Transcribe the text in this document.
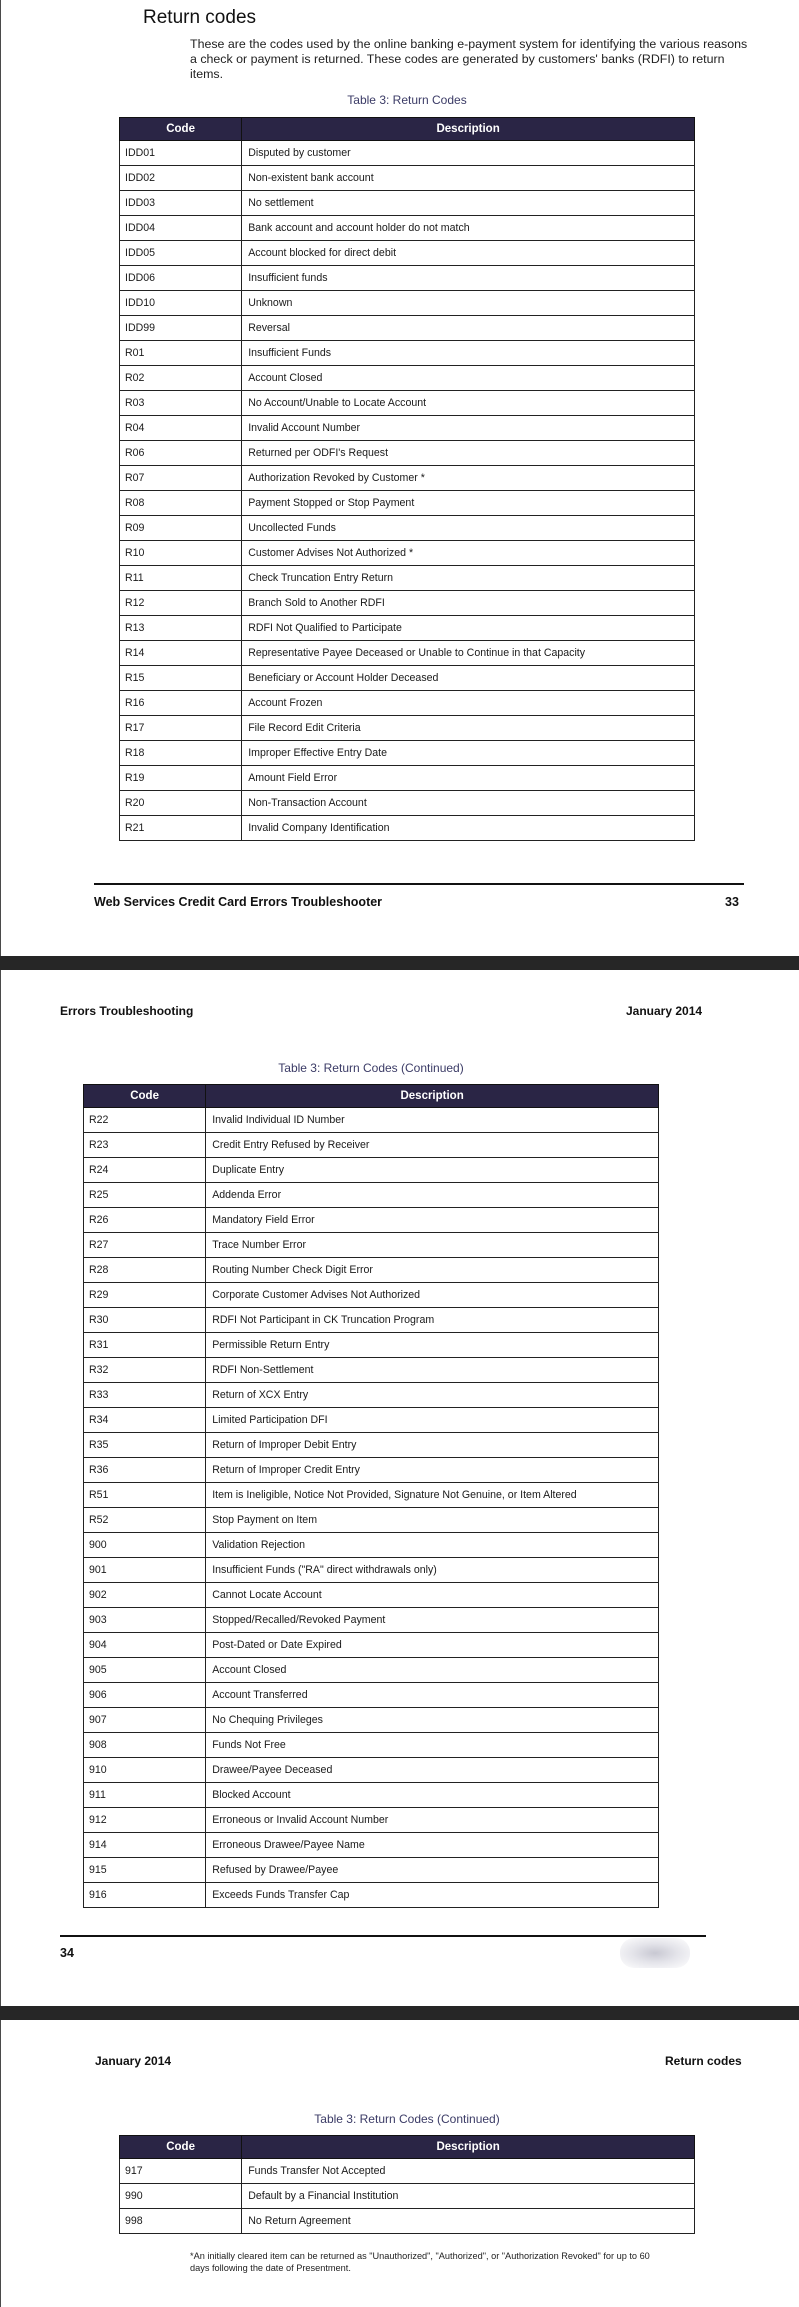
Return codes
These are the codes used by the online banking e-payment system for identifying the various reasons a check or payment is returned. These codes are generated by customers' banks (RDFI) to return items.
Table 3: Return Codes
Code	Description
IDD01	Disputed by customer
IDD02	Non-existent bank account
IDD03	No settlement
IDD04	Bank account and account holder do not match
IDD05	Account blocked for direct debit
IDD06	Insufficient funds
IDD10	Unknown
IDD99	Reversal
R01	Insufficient Funds
R02	Account Closed
R03	No Account/Unable to Locate Account
R04	Invalid Account Number
R06	Returned per ODFI's Request
R07	Authorization Revoked by Customer *
R08	Payment Stopped or Stop Payment
R09	Uncollected Funds
R10	Customer Advises Not Authorized *
R11	Check Truncation Entry Return
R12	Branch Sold to Another RDFI
R13	RDFI Not Qualified to Participate
R14	Representative Payee Deceased or Unable to Continue in that Capacity
R15	Beneficiary or Account Holder Deceased
R16	Account Frozen
R17	File Record Edit Criteria
R18	Improper Effective Entry Date
R19	Amount Field Error
R20	Non-Transaction Account
R21	Invalid Company Identification
Web Services Credit Card Errors Troubleshooter	33
Errors Troubleshooting	January 2014
Table 3: Return Codes (Continued)
Code	Description
R22	Invalid Individual ID Number
R23	Credit Entry Refused by Receiver
R24	Duplicate Entry
R25	Addenda Error
R26	Mandatory Field Error
R27	Trace Number Error
R28	Routing Number Check Digit Error
R29	Corporate Customer Advises Not Authorized
R30	RDFI Not Participant in CK Truncation Program
R31	Permissible Return Entry
R32	RDFI Non-Settlement
R33	Return of XCX Entry
R34	Limited Participation DFI
R35	Return of Improper Debit Entry
R36	Return of Improper Credit Entry
R51	Item is Ineligible, Notice Not Provided, Signature Not Genuine, or Item Altered
R52	Stop Payment on Item
900	Validation Rejection
901	Insufficient Funds ("RA" direct withdrawals only)
902	Cannot Locate Account
903	Stopped/Recalled/Revoked Payment
904	Post-Dated or Date Expired
905	Account Closed
906	Account Transferred
907	No Chequing Privileges
908	Funds Not Free
910	Drawee/Payee Deceased
911	Blocked Account
912	Erroneous or Invalid Account Number
914	Erroneous Drawee/Payee Name
915	Refused by Drawee/Payee
916	Exceeds Funds Transfer Cap
34
January 2014	Return codes
Table 3: Return Codes (Continued)
Code	Description
917	Funds Transfer Not Accepted
990	Default by a Financial Institution
998	No Return Agreement
*An initially cleared item can be returned as "Unauthorized", "Authorized", or "Authorization Revoked" for up to 60 days following the date of Presentment.
